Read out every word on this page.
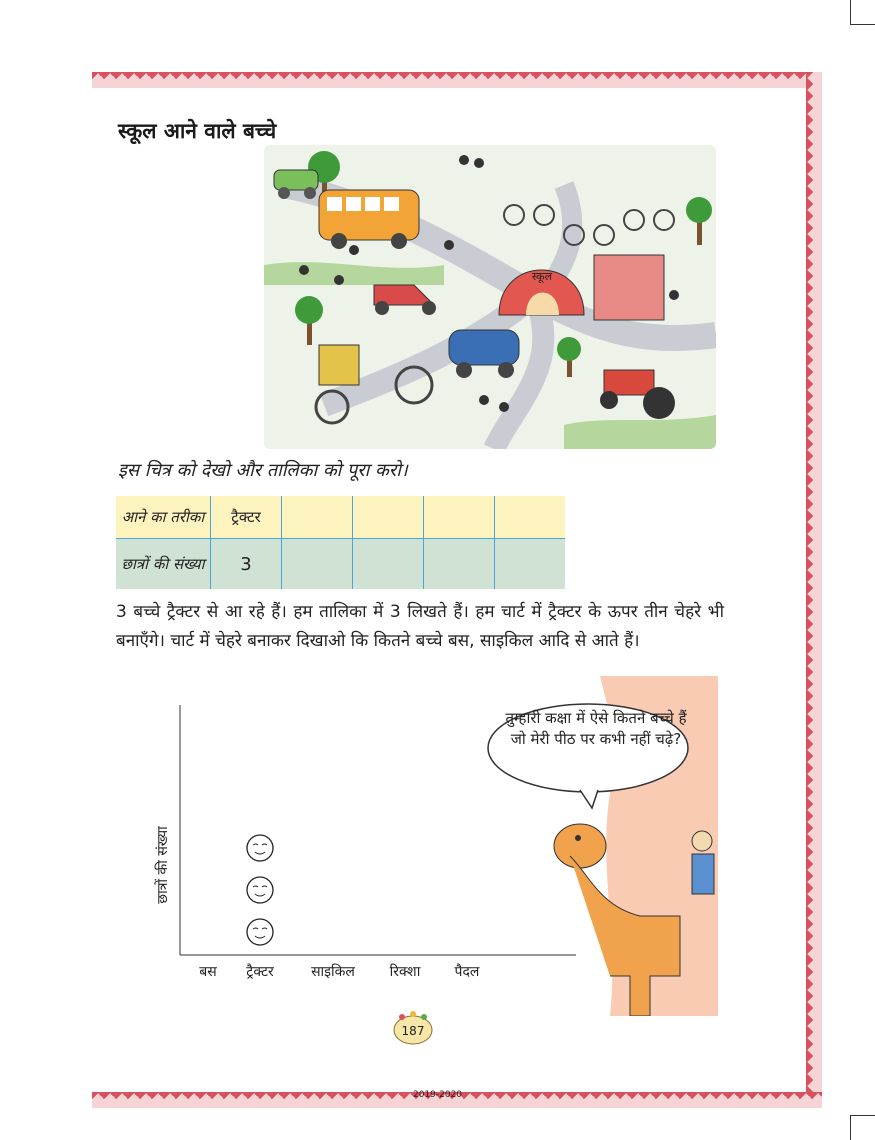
स्कूल आने वाले बच्चे
स्कूल
इस चित्र को देखो और तालिका को पूरा करो।
आने का तरीका	ट्रैक्टर				
छात्रों की संख्या	3				
3 बच्चे ट्रैक्टर से आ रहे हैं। हम तालिका में 3 लिखते हैं। हम चार्ट में ट्रैक्टर के ऊपर तीन चेहरे भी बनाएँगे। चार्ट में चेहरे बनाकर दिखाओ कि कितने बच्चे बस, साइकिल आदि से आते हैं।
तुम्हारी कक्षा में ऐसे कितने बच्चे हैं जो मेरी पीठ पर कभी नहीं चढ़े?
छात्रों की संख्या
बस ट्रैक्टर	साइकिल रिक्शा पैदल
187
2019-2020
